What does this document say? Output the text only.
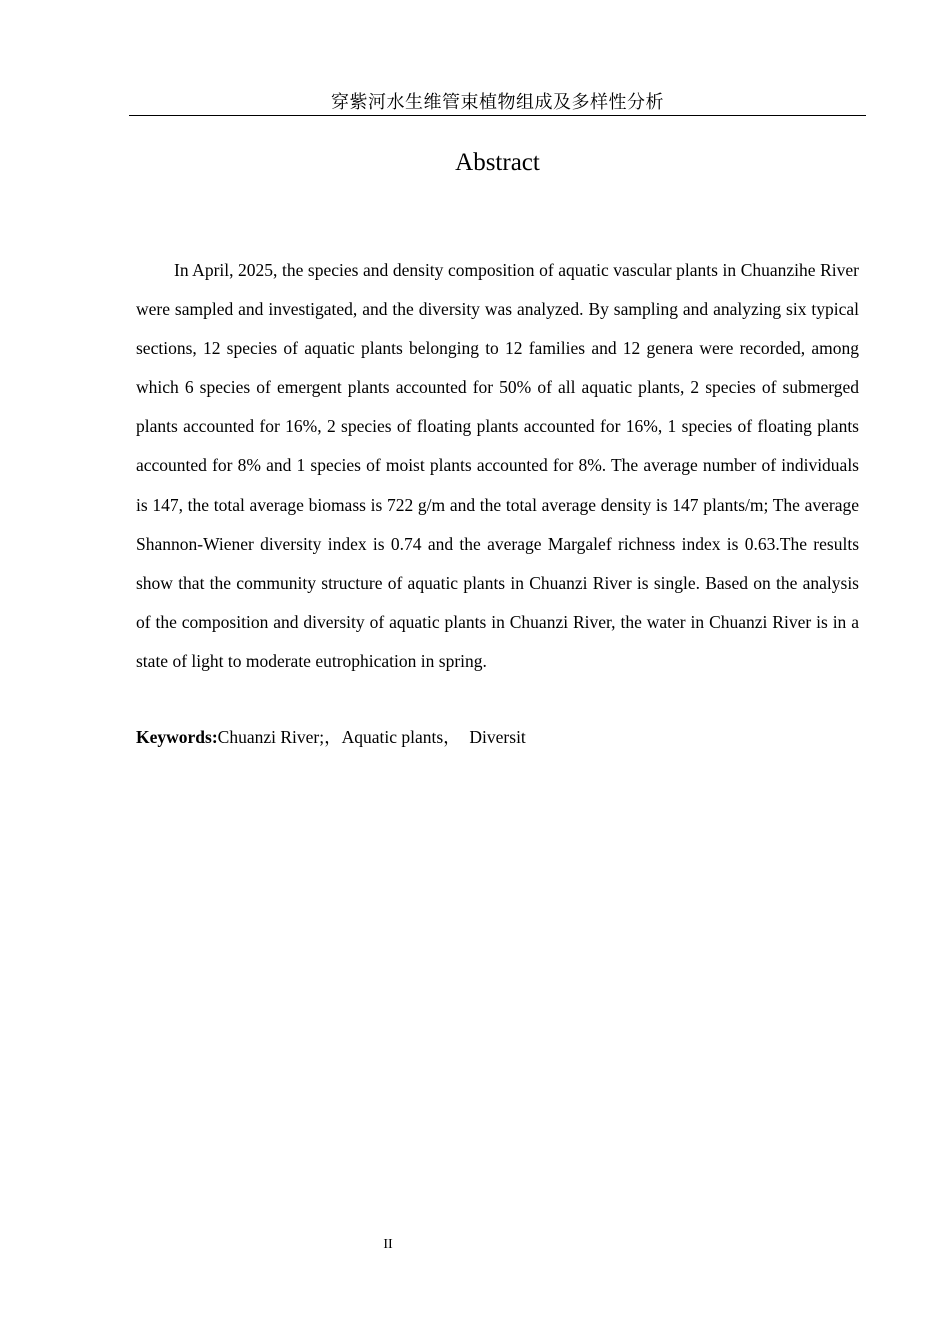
穿紫河水生维管束植物组成及多样性分析
Abstract

In April, 2025, the species and density composition of aquatic vascular plants in Chuanzihe River were sampled and investigated, and the diversity was analyzed. By sampling and analyzing six typical sections, 12 species of aquatic plants belonging to 12 families and 12 genera were recorded, among which 6 species of emergent plants accounted for 50% of all aquatic plants, 2 species of submerged plants accounted for 16%, 2 species of floating plants accounted for 16%, 1 species of floating plants accounted for 8% and 1 species of moist plants accounted for 8%. The average number of individuals is 147, the total average biomass is 722 g/m and the total average density is 147 plants/m; The average Shannon-Wiener diversity index is 0.74 and the average Margalef richness index is 0.63.The results show that the community structure of aquatic plants in Chuanzi River is single. Based on the analysis of the composition and diversity of aquatic plants in Chuanzi River, the water in Chuanzi River is in a state of light to moderate eutrophication in spring.

Keywords:Chuanzi River;，Aquatic plants，  Diversit
II
